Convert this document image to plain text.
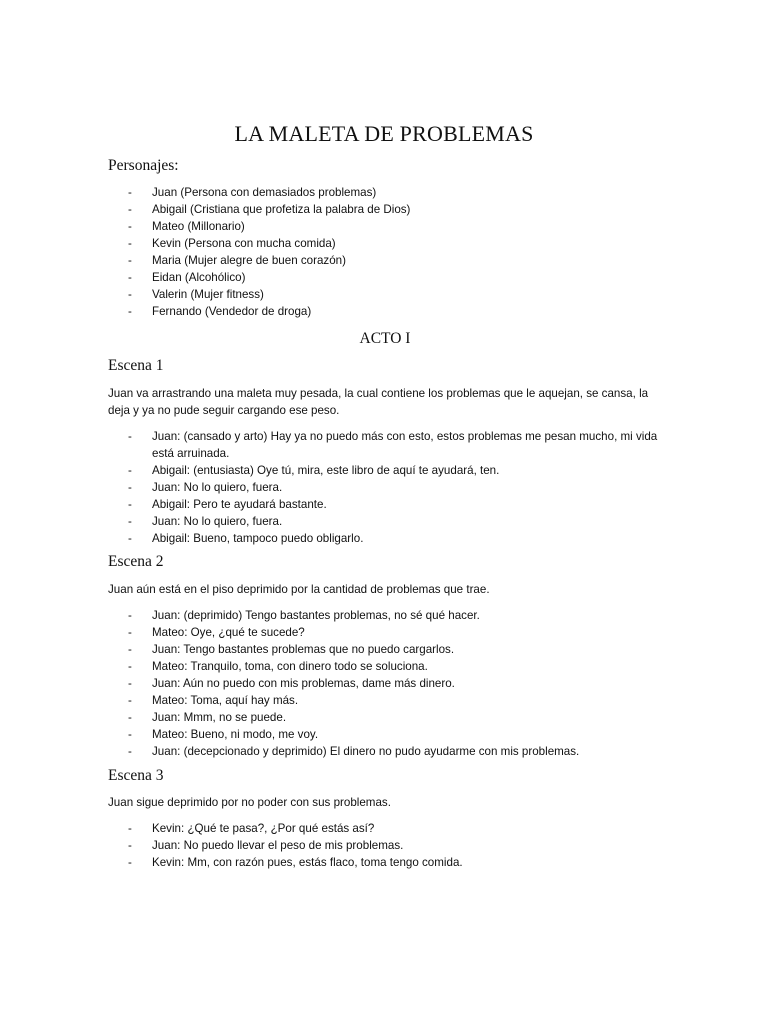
LA MALETA DE PROBLEMAS
Personajes:
- Juan (Persona con demasiados problemas)
- Abigail (Cristiana que profetiza la palabra de Dios)
- Mateo (Millonario)
- Kevin (Persona con mucha comida)
- Maria (Mujer alegre de buen corazón)
- Eidan (Alcohólico)
- Valerin (Mujer fitness)
- Fernando (Vendedor de droga)
ACTO I
Escena 1
Juan va arrastrando una maleta muy pesada, la cual contiene los problemas que le aquejan, se cansa, la deja y ya no pude seguir cargando ese peso.
- Juan: (cansado y arto) Hay ya no puedo más con esto, estos problemas me pesan mucho, mi vida está arruinada.
- Abigail: (entusiasta) Oye tú, mira, este libro de aquí te ayudará, ten.
- Juan: No lo quiero, fuera.
- Abigail: Pero te ayudará bastante.
- Juan: No lo quiero, fuera.
- Abigail: Bueno, tampoco puedo obligarlo.
Escena 2
Juan aún está en el piso deprimido por la cantidad de problemas que trae.
- Juan: (deprimido) Tengo bastantes problemas, no sé qué hacer.
- Mateo: Oye, ¿qué te sucede?
- Juan: Tengo bastantes problemas que no puedo cargarlos.
- Mateo: Tranquilo, toma, con dinero todo se soluciona.
- Juan: Aún no puedo con mis problemas, dame más dinero.
- Mateo: Toma, aquí hay más.
- Juan: Mmm, no se puede.
- Mateo: Bueno, ni modo, me voy.
- Juan: (decepcionado y deprimido) El dinero no pudo ayudarme con mis problemas.
Escena 3
Juan sigue deprimido por no poder con sus problemas.
- Kevin: ¿Qué te pasa?, ¿Por qué estás así?
- Juan: No puedo llevar el peso de mis problemas.
- Kevin: Mm, con razón pues, estás flaco, toma tengo comida.
